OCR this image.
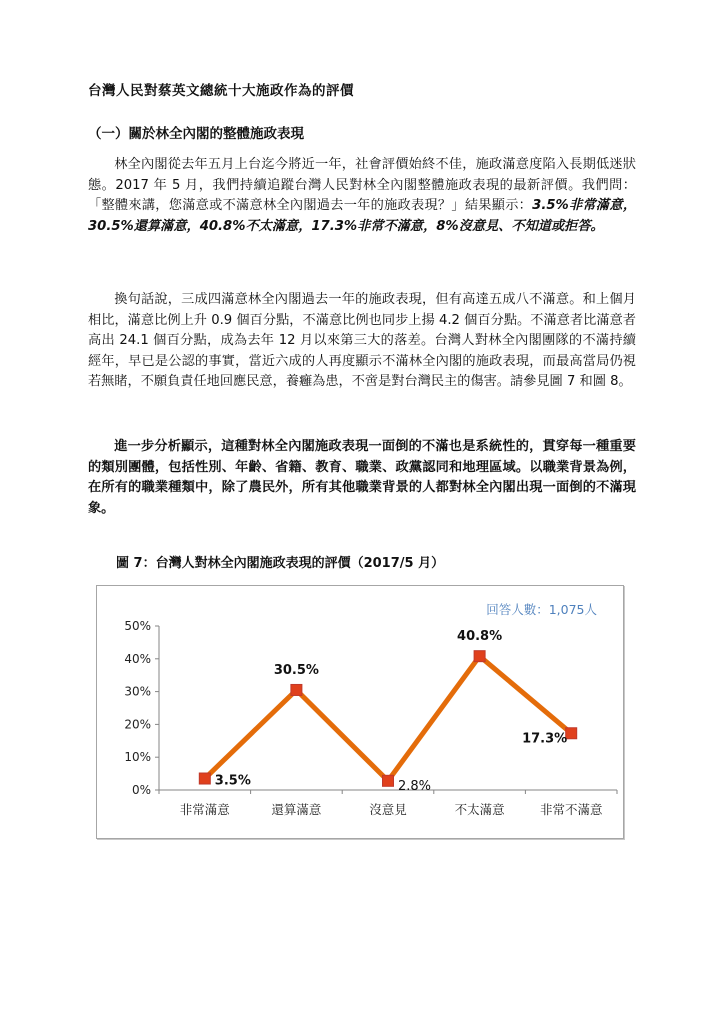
台灣人民對蔡英文總統十大施政作為的評價
（一）關於林全內閣的整體施政表現

林全內閣從去年五月上台迄今將近一年，社會評價始終不佳，施政滿意度陷入長期低迷狀態。2017 年 5 月，我們持續追蹤台灣人民對林全內閣整體施政表現的最新評價。我們問：「整體來講，您滿意或不滿意林全內閣過去一年的施政表現？」結果顯示：3.5%非常滿意，30.5%還算滿意，40.8%不太滿意，17.3%非常不滿意，8%沒意見、不知道或拒答。

換句話說，三成四滿意林全內閣過去一年的施政表現，但有高達五成八不滿意。和上個月相比，滿意比例上升 0.9 個百分點，不滿意比例也同步上揚 4.2 個百分點。不滿意者比滿意者高出 24.1 個百分點，成為去年 12 月以來第三大的落差。台灣人對林全內閣團隊的不滿持續經年，早已是公認的事實，當近六成的人再度顯示不滿林全內閣的施政表現，而最高當局仍視若無睹，不願負責任地回應民意，養癰為患，不啻是對台灣民主的傷害。請參見圖 7 和圖 8。

進一步分析顯示，這種對林全內閣施政表現一面倒的不滿也是系統性的，貫穿每一種重要的類別團體，包括性別、年齡、省籍、教育、職業、政黨認同和地理區域。以職業背景為例，在所有的職業種類中，除了農民外，所有其他職業背景的人都對林全內閣出現一面倒的不滿現象。

圖 7：台灣人對林全內閣施政表現的評價（2017/5 月）
0%
10%
20%
30%
40%
50%
非常滿意	還算滿意	沒意見	不太滿意	非常不滿意
3.5%
30.5%
2.8%
40.8%
17.3%
回答人數：1,075人
